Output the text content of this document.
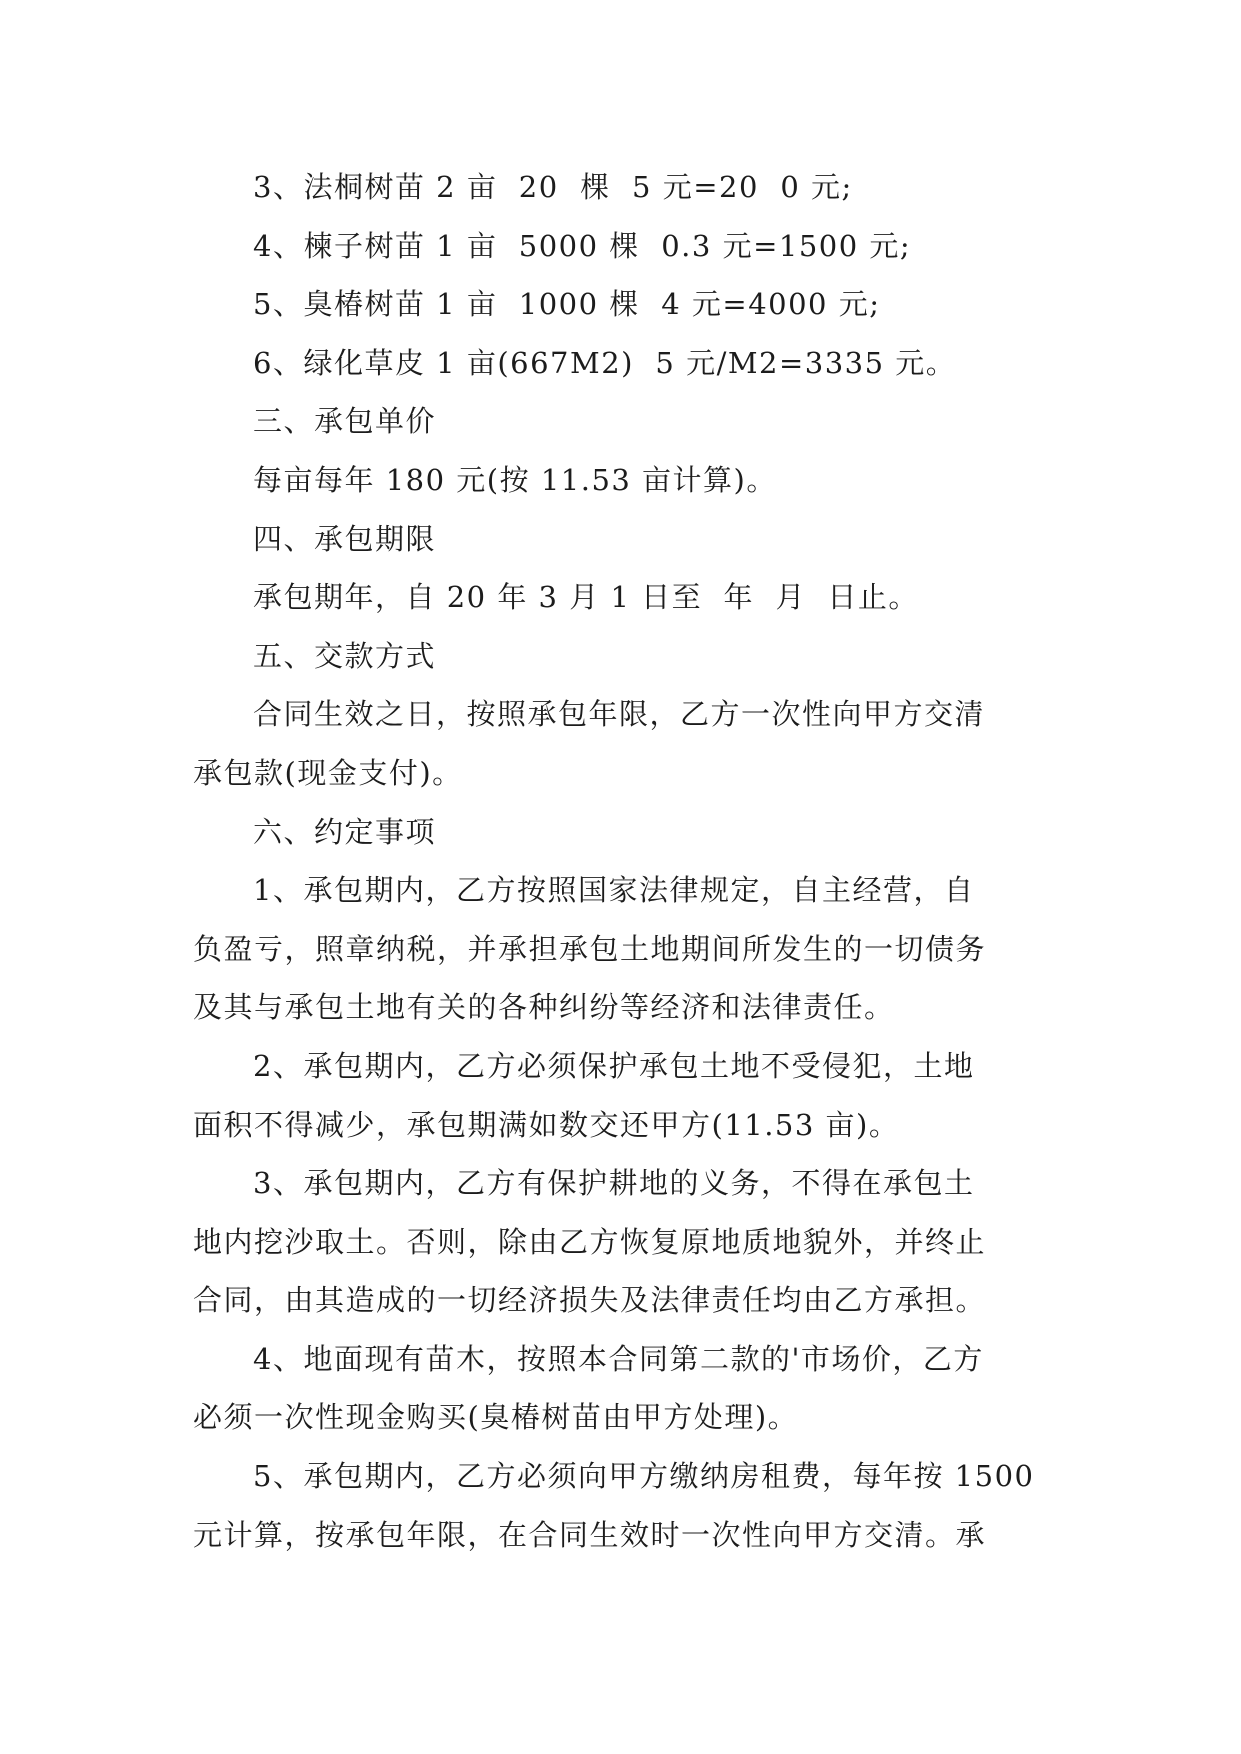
3、法桐树苗 2 亩  20  棵  5 元=20  0 元;
4、楝子树苗 1 亩  5000 棵  0.3 元=1500 元;
5、臭椿树苗 1 亩  1000 棵  4 元=4000 元;
6、绿化草皮 1 亩(667M2)  5 元/M2=3335 元。
三、承包单价
每亩每年 180 元(按 11.53 亩计算)。
四、承包期限
承包期年，自 20 年 3 月 1 日至  年  月  日止。
五、交款方式
合同生效之日，按照承包年限，乙方一次性向甲方交清
承包款(现金支付)。
六、约定事项
1、承包期内，乙方按照国家法律规定，自主经营，自
负盈亏，照章纳税，并承担承包土地期间所发生的一切债务
及其与承包土地有关的各种纠纷等经济和法律责任。
2、承包期内，乙方必须保护承包土地不受侵犯，土地
面积不得减少，承包期满如数交还甲方(11.53 亩)。
3、承包期内，乙方有保护耕地的义务，不得在承包土
地内挖沙取土。否则，除由乙方恢复原地质地貌外，并终止
合同，由其造成的一切经济损失及法律责任均由乙方承担。
4、地面现有苗木，按照本合同第二款的'市场价，乙方
必须一次性现金购买(臭椿树苗由甲方处理)。
5、承包期内，乙方必须向甲方缴纳房租费，每年按 1500
元计算，按承包年限，在合同生效时一次性向甲方交清。承
